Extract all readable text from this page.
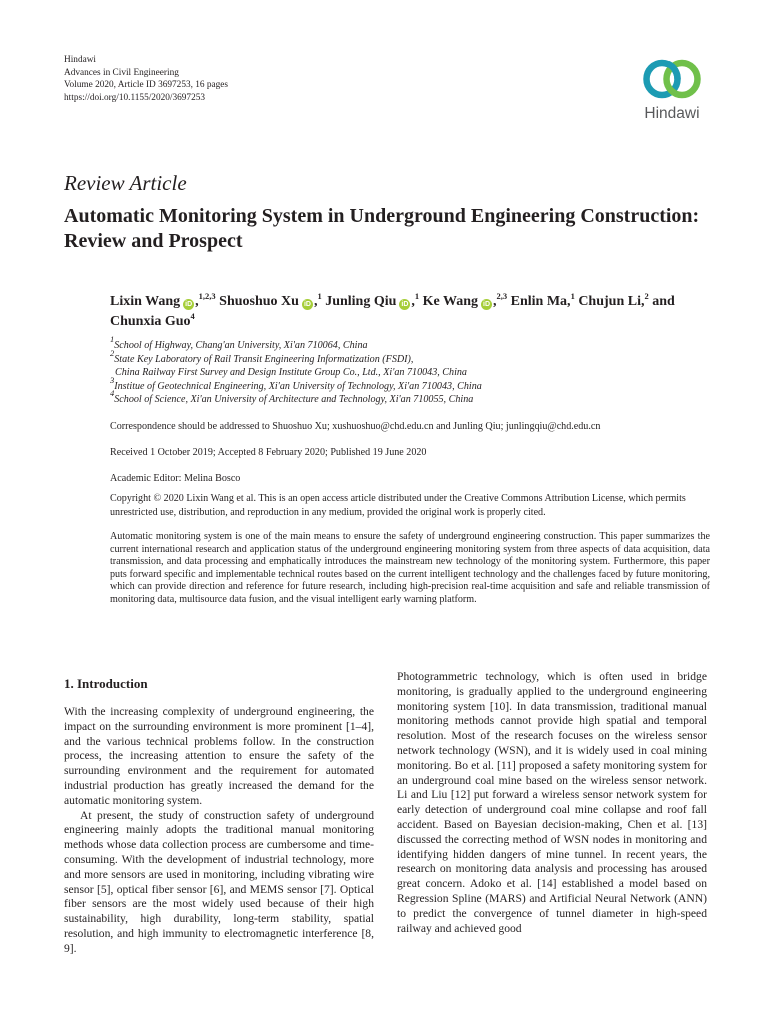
Hindawi
Advances in Civil Engineering
Volume 2020, Article ID 3697253, 16 pages
https://doi.org/10.1155/2020/3697253
Hindawi
Review Article
Automatic Monitoring System in Underground Engineering Construction: Review and Prospect
Lixin Wang iD ,$^{1,2,3}$ Shuoshuo Xu iD ,$^1$ Junling Qiu iD ,$^1$ Ke Wang iD ,$^{2,3}$ Enlin Ma,$^1$ Chujun Li,$^2$ and Chunxia Guo$^4$
$^1$School of Highway, Chang'an University, Xi'an 710064, China
$^2$State Key Laboratory of Rail Transit Engineering Informatization (FSDI),
China Railway First Survey and Design Institute Group Co., Ltd., Xi'an 710043, China
$^3$Institue of Geotechnical Engineering, Xi'an University of Technology, Xi'an 710043, China
$^4$School of Science, Xi'an University of Architecture and Technology, Xi'an 710055, China
Correspondence should be addressed to Shuoshuo Xu; xushuoshuo@chd.edu.cn and Junling Qiu; junlingqiu@chd.edu.cn
Received 1 October 2019; Accepted 8 February 2020; Published 19 June 2020
Academic Editor: Melina Bosco
Copyright © 2020 Lixin Wang et al. This is an open access article distributed under the Creative Commons Attribution License, which permits unrestricted use, distribution, and reproduction in any medium, provided the original work is properly cited.
Automatic monitoring system is one of the main means to ensure the safety of underground engineering construction. This paper summarizes the current international research and application status of the underground engineering monitoring system from three aspects of data acquisition, data transmission, and data processing and emphatically introduces the mainstream new technology of the monitoring system. Furthermore, this paper puts forward specific and implementable technical routes based on the current intelligent technology and the challenges faced by future monitoring, which can provide direction and reference for future research, including high-precision real-time acquisition and safe and reliable transmission of monitoring data, multisource data fusion, and the visual intelligent early warning platform.
1. Introduction

With the increasing complexity of underground engineering, the impact on the surrounding environment is more prominent [1–4], and the various technical problems follow. In the construction process, the increasing attention to ensure the safety of the surrounding environment and the requirement for automated industrial production has greatly increased the demand for the automatic monitoring system.

At present, the study of construction safety of underground engineering mainly adopts the traditional manual monitoring methods whose data collection process are cumbersome and time-consuming. With the development of industrial technology, more and more sensors are used in monitoring, including vibrating wire sensor [5], optical fiber sensor [6], and MEMS sensor [7]. Optical fiber sensors are the most widely used because of their high sustainability, high durability, long-term stability, spatial resolution, and high immunity to electromagnetic interference [8, 9].

Photogrammetric technology, which is often used in bridge monitoring, is gradually applied to the underground engineering monitoring system [10]. In data transmission, traditional manual monitoring methods cannot provide high spatial and temporal resolution. Most of the research focuses on the wireless sensor network technology (WSN), and it is widely used in coal mining monitoring. Bo et al. [11] proposed a safety monitoring system for an underground coal mine based on the wireless sensor network. Li and Liu [12] put forward a wireless sensor network system for early detection of underground coal mine collapse and roof fall accident. Based on Bayesian decision-making, Chen et al. [13] discussed the correcting method of WSN nodes in monitoring and identifying hidden dangers of mine tunnel. In recent years, the research on monitoring data analysis and processing has aroused great concern. Adoko et al. [14] established a model based on Regression Spline (MARS) and Artificial Neural Network (ANN) to predict the convergence of tunnel diameter in high-speed railway and achieved good
